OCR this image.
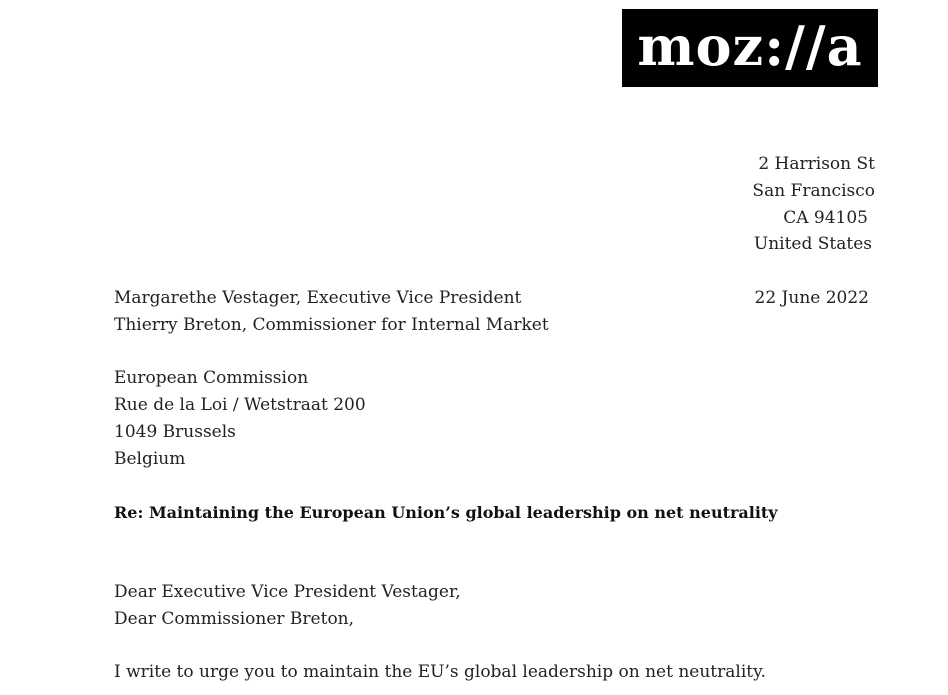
moz://a
2 Harrison St
San Francisco
CA 94105
United States
22 June 2022
Margarethe Vestager, Executive Vice President
Thierry Breton, Commissioner for Internal Market
European Commission
Rue de la Loi / Wetstraat 200
1049 Brussels
Belgium
Re: Maintaining the European Union’s global leadership on net neutrality
Dear Executive Vice President Vestager,
Dear Commissioner Breton,
I write to urge you to maintain the EU’s global leadership on net neutrality.
